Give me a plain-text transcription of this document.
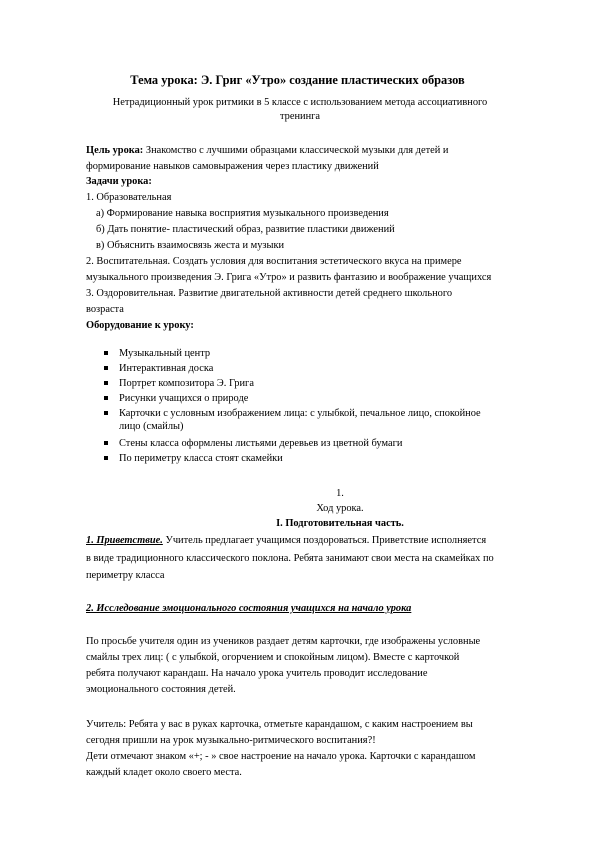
Тема урока: Э. Григ «Утро» создание пластических образов
Нетрадиционный урок ритмики в 5 классе с использованием метода ассоциативного
тренинга
Цель урока: Знакомство с лучшими образцами классической музыки для детей и
формирование навыков самовыражения через пластику движений
Задачи урока:
1. Образовательная
а) Формирование навыка восприятия музыкального произведения
б) Дать понятие- пластический образ, развитие пластики движений
в) Объяснить взаимосвязь жеста и музыки
2. Воспитательная. Создать условия для воспитания эстетического вкуса на примере
музыкального произведения Э. Грига «Утро» и развить фантазию и воображение учащихся
3. Оздоровительная. Развитие двигательной активности детей среднего школьного
возраста
Оборудование к уроку:
Музыкальный центр
Интерактивная доска
Портрет композитора Э. Грига
Рисунки учащихся о природе
Карточки с условным изображением лица: с улыбкой, печальное лицо, спокойное
лицо (смайлы)
Стены класса оформлены листьями деревьев из цветной бумаги
По периметру класса стоят скамейки
1.
Ход урока.
I. Подготовительная часть.
1. Приветствие. Учитель предлагает учащимся поздороваться. Приветствие исполняется
в виде традиционного классического поклона. Ребята занимают свои места на скамейках по
периметру класса
2. Исследование эмоционального состояния учащихся на начало урока
По просьбе учителя один из учеников раздает детям карточки, где изображены условные
смайлы трех лиц: ( с улыбкой, огорчением и спокойным лицом). Вместе с карточкой
ребята получают карандаш. На начало урока учитель проводит исследование
эмоционального состояния детей.
Учитель: Ребята у вас в руках карточка, отметьте карандашом, с каким настроением вы
сегодня пришли на урок музыкально-ритмического воспитания?!
Дети отмечают знаком «+; - » свое настроение на начало урока. Карточки с карандашом
каждый кладет около своего места.
